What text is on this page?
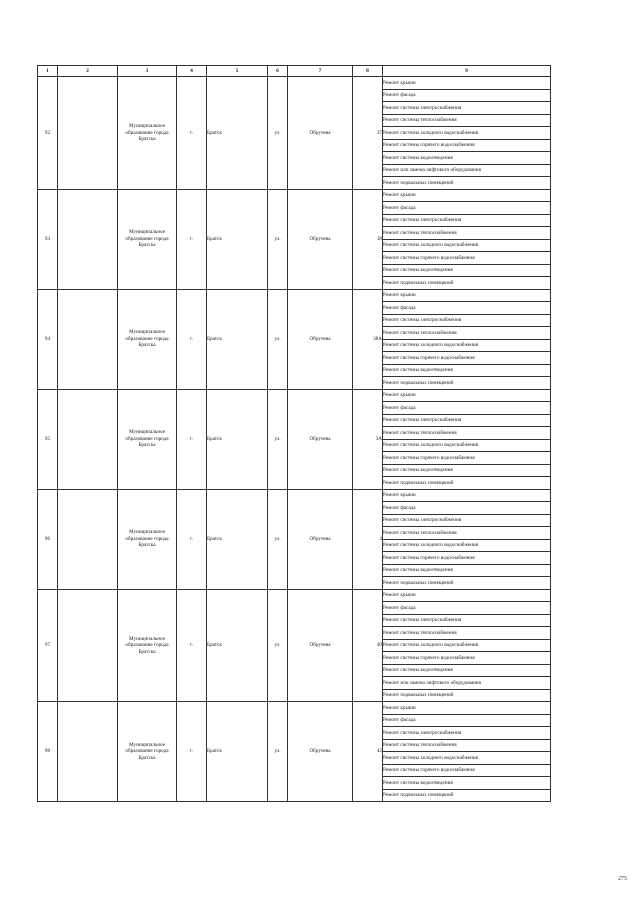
1	2	3	4	5	6	7	8	9
92		Муниципальное образование города Братска	г.	Братск	ул.	Обручева	37	Ремонт крыши
								Ремонт фасада
								Ремонт системы электроснабжения
								Ремонт системы теплоснабжения
								Ремонт системы холодного водоснабжения
								Ремонт системы горячего водоснабжения
								Ремонт системы водоотведения
								Ремонт или замена лифтового оборудования
								Ремонт подвальных помещений
93		Муниципальное образование города Братска	г.	Братск	ул.	Обручева	38	Ремонт крыши
								Ремонт фасада
								Ремонт системы электроснабжения
								Ремонт системы теплоснабжения
								Ремонт системы холодного водоснабжения
								Ремонт системы горячего водоснабжения
								Ремонт системы водоотведения
								Ремонт подвальных помещений
94		Муниципальное образование города Братска	г.	Братск	ул.	Обручева	38А	Ремонт крыши
								Ремонт фасада
								Ремонт системы электроснабжения
								Ремонт системы теплоснабжения
								Ремонт системы холодного водоснабжения
								Ремонт системы горячего водоснабжения
								Ремонт системы водоотведения
								Ремонт подвальных помещений
95		Муниципальное образование города Братска	г.	Братск	ул.	Обручева	3А	Ремонт крыши
								Ремонт фасада
								Ремонт системы электроснабжения
								Ремонт системы теплоснабжения
								Ремонт системы холодного водоснабжения
								Ремонт системы горячего водоснабжения
								Ремонт системы водоотведения
								Ремонт подвальных помещений
96		Муниципальное образование города Братска	г.	Братск	ул.	Обручева	4	Ремонт крыши
								Ремонт фасада
								Ремонт системы электроснабжения
								Ремонт системы теплоснабжения
								Ремонт системы холодного водоснабжения
								Ремонт системы горячего водоснабжения
								Ремонт системы водоотведения
								Ремонт подвальных помещений
97		Муниципальное образование города Братска	г.	Братск	ул.	Обручева	40	Ремонт крыши
								Ремонт фасада
								Ремонт системы электроснабжения
								Ремонт системы теплоснабжения
								Ремонт системы холодного водоснабжения
								Ремонт системы горячего водоснабжения
								Ремонт системы водоотведения
								Ремонт или замена лифтового оборудования
								Ремонт подвальных помещений
98		Муниципальное образование города Братска	г.	Братск	ул.	Обручева	42	Ремонт крыши
								Ремонт фасада
								Ремонт системы электроснабжения
								Ремонт системы теплоснабжения
								Ремонт системы холодного водоснабжения
								Ремонт системы горячего водоснабжения
								Ремонт системы водоотведения
								Ремонт подвальных помещений
275
